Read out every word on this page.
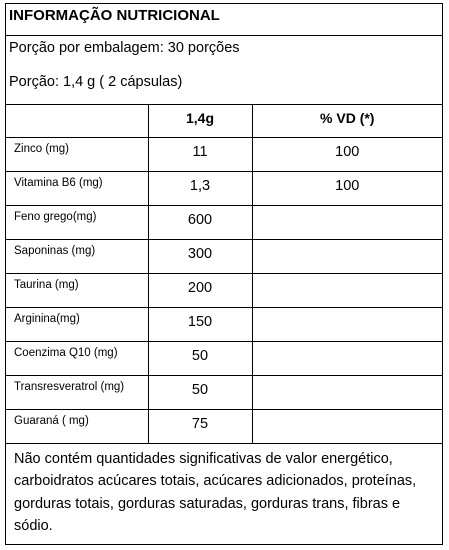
INFORMAÇÃO NUTRICIONAL
Porção por embalagem: 30 porções
Porção: 1,4 g ( 2 cápsulas)
	1,4g	% VD (*)
Zinco (mg)	11	100
Vitamina B6 (mg)	1,3	100
Feno grego(mg)	600	
Saponinas (mg)	300	
Taurina (mg)	200	
Arginina(mg)	150	
Coenzima Q10 (mg)	50	
Transresveratrol (mg)	50	
Guaraná ( mg)	75	
Não contém quantidades significativas de valor energético, carboidratos acúcares totais, acúcares adicionados, proteínas, gorduras totais, gorduras saturadas, gorduras trans, fibras e sódio.		
